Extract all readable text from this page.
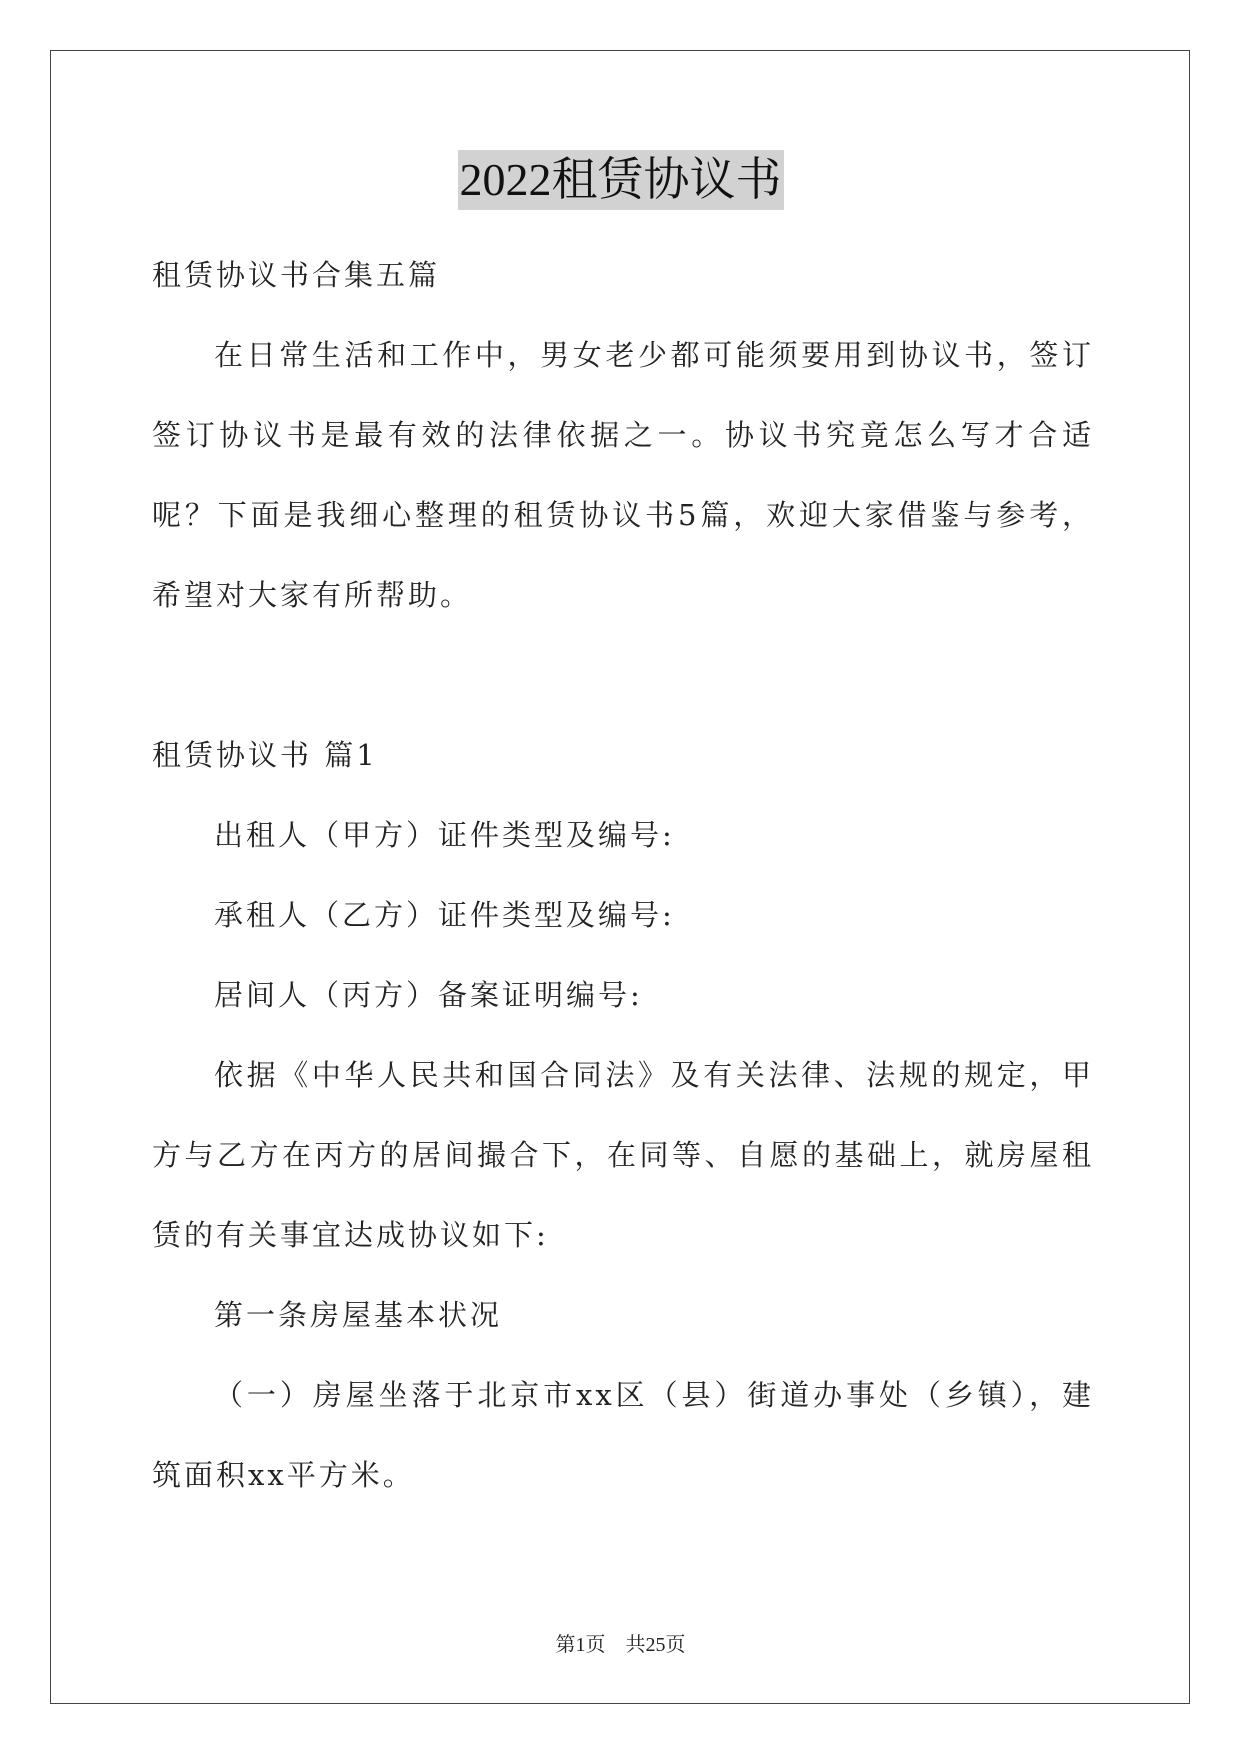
2022租赁协议书

租赁协议书合集五篇

在日常生活和工作中，男女老少都可能须要用到协议书，签订签订协议书是最有效的法律依据之一。协议书究竟怎么写才合适呢？下面是我细心整理的租赁协议书5篇，欢迎大家借鉴与参考，希望对大家有所帮助。

租赁协议书 篇1

出租人（甲方）证件类型及编号:

承租人（乙方）证件类型及编号:

居间人（丙方）备案证明编号:

依据《中华人民共和国合同法》及有关法律、法规的规定，甲方与乙方在丙方的居间撮合下，在同等、自愿的基础上，就房屋租赁的有关事宜达成协议如下:

第一条房屋基本状况

（一）房屋坐落于北京市xx区（县）街道办事处（乡镇），建筑面积xx平方米。

第1页　共25页
